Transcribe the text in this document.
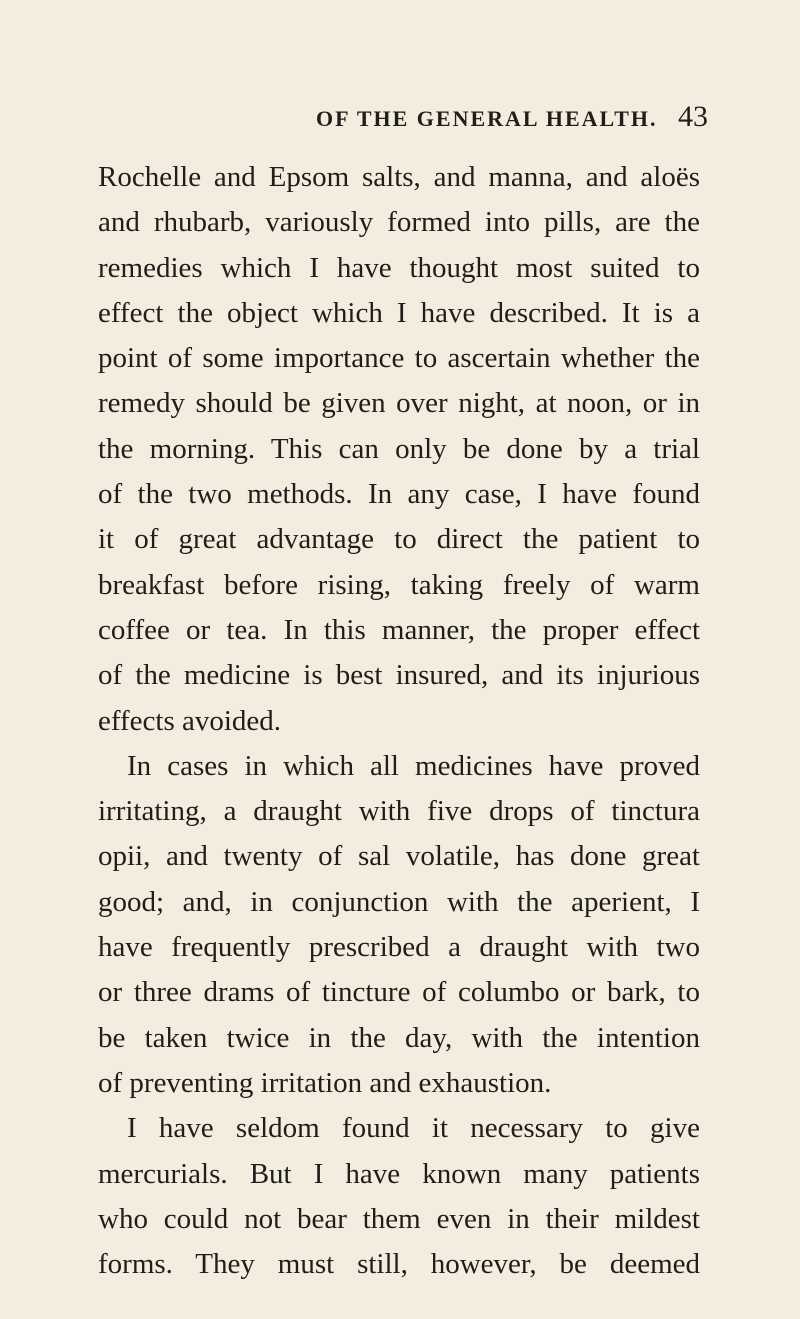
OF THE GENERAL HEALTH. 43
Rochelle and Epsom salts, and manna, and aloës
and rhubarb, variously formed into pills, are the
remedies which I have thought most suited to
effect the object which I have described. It is a
point of some importance to ascertain whether the
remedy should be given over night, at noon, or in
the morning. This can only be done by a trial
of the two methods. In any case, I have found
it of great advantage to direct the patient to
breakfast before rising, taking freely of warm
coffee or tea. In this manner, the proper effect
of the medicine is best insured, and its injurious
effects avoided.
In cases in which all medicines have proved
irritating, a draught with five drops of tinctura
opii, and twenty of sal volatile, has done great
good; and, in conjunction with the aperient, I
have frequently prescribed a draught with two
or three drams of tincture of columbo or bark, to
be taken twice in the day, with the intention
of preventing irritation and exhaustion.
I have seldom found it necessary to give
mercurials. But I have known many patients
who could not bear them even in their mildest
forms. They must still, however, be deemed
